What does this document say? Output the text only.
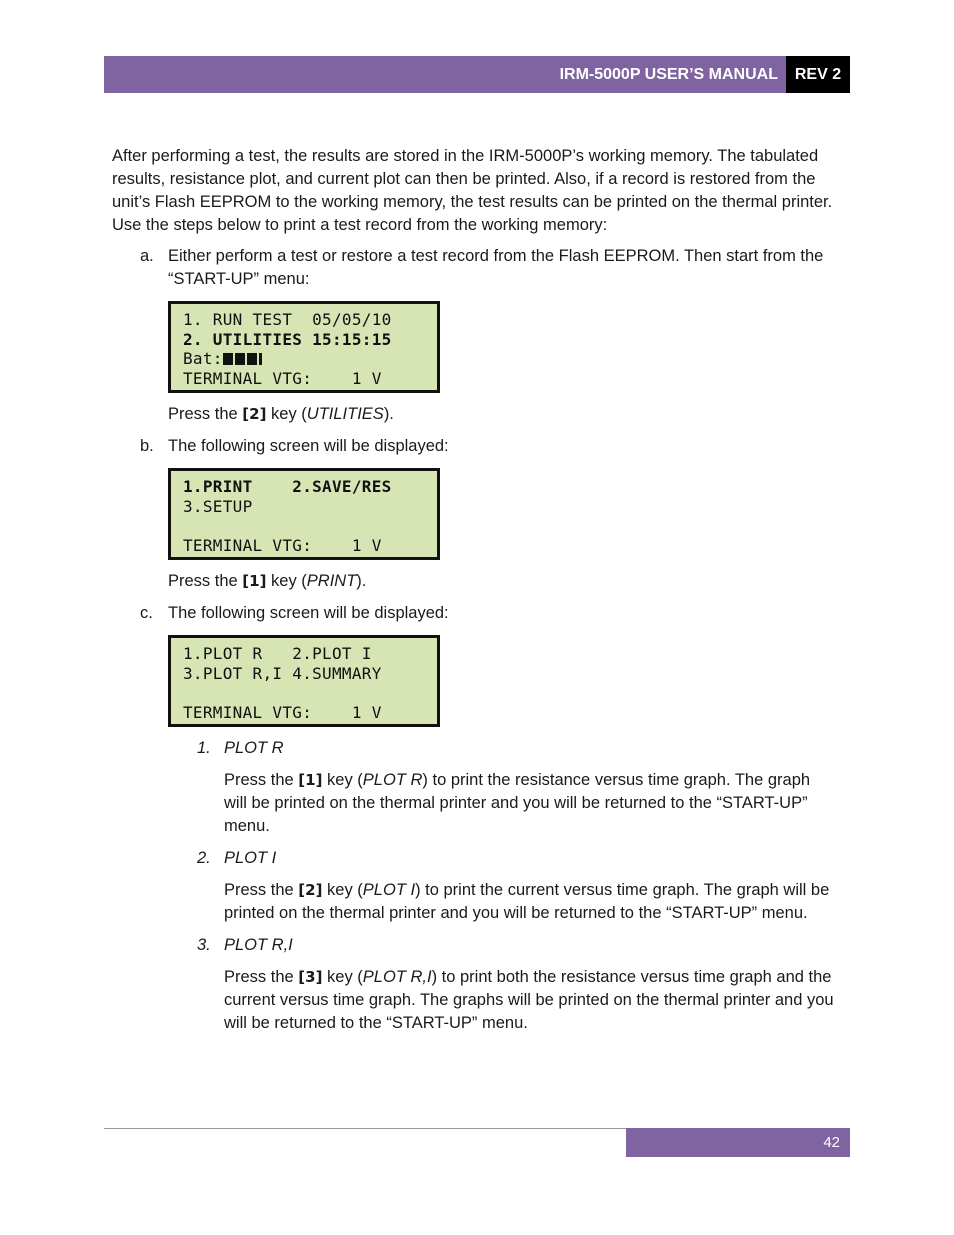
IRM-5000P USER’S MANUAL	REV 2

After performing a test, the results are stored in the IRM-5000P’s working memory. The tabulated results, resistance plot, and current plot can then be printed. Also, if a record is restored from the unit’s Flash EEPROM to the working memory, the test results can be printed on the thermal printer. Use the steps below to print a test record from the working memory:

a. Either perform a test or restore a test record from the Flash EEPROM. Then start from the “START-UP” menu:

1. RUN TEST  05/05/10
2. UTILITIES 15:15:15
Bat:
TERMINAL VTG:    1 V

Press the [2] key (UTILITIES).

b. The following screen will be displayed:

1.PRINT    2.SAVE/RES
3.SETUP
TERMINAL VTG:    1 V

Press the [1] key (PRINT).

c. The following screen will be displayed:

1.PLOT R   2.PLOT I
3.PLOT R,I 4.SUMMARY
TERMINAL VTG:    1 V
1. PLOT R

Press the [1] key (PLOT R) to print the resistance versus time graph. The graph will be printed on the thermal printer and you will be returned to the “START-UP” menu.

2. PLOT I

Press the [2] key (PLOT I) to print the current versus time graph. The graph will be printed on the thermal printer and you will be returned to the “START-UP” menu.

3. PLOT R,I

Press the [3] key (PLOT R,I) to print both the resistance versus time graph and the current versus time graph. The graphs will be printed on the thermal printer and you will be returned to the “START-UP” menu.

42
